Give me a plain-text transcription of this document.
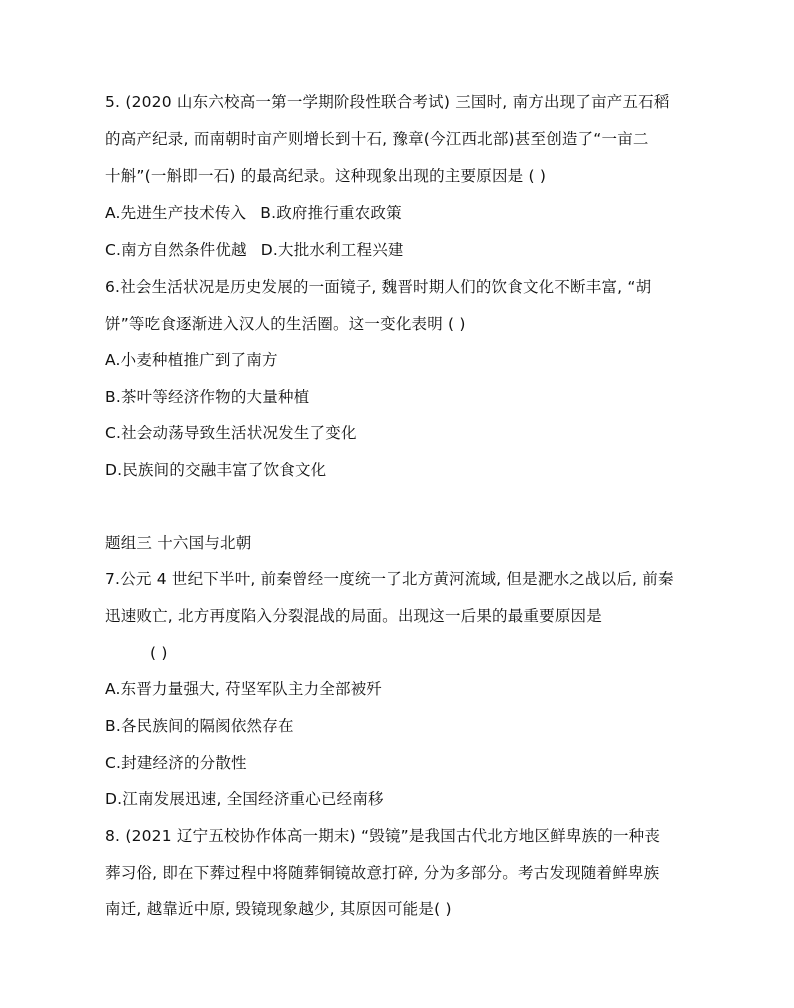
5. (2020 山东六校高一第一学期阶段性联合考试) 三国时, 南方出现了亩产五石稻
的高产纪录, 而南朝时亩产则增长到十石, 豫章(今江西北部)甚至创造了“一亩二
十斛”(一斛即一石) 的最高纪录。这种现象出现的主要原因是 ( )
A.先进生产技术传入 B.政府推行重农政策
C.南方自然条件优越 D.大批水利工程兴建
6.社会生活状况是历史发展的一面镜子, 魏晋时期人们的饮食文化不断丰富, “胡
饼”等吃食逐渐进入汉人的生活圈。这一变化表明 ( )
A.小麦种植推广到了南方
B.茶叶等经济作物的大量种植
C.社会动荡导致生活状况发生了变化
D.民族间的交融丰富了饮食文化
题组三 十六国与北朝
7.公元 4 世纪下半叶, 前秦曾经一度统一了北方黄河流域, 但是淝水之战以后, 前秦
迅速败亡, 北方再度陷入分裂混战的局面。出现这一后果的最重要原因是
( )
A.东晋力量强大, 苻坚军队主力全部被歼
B.各民族间的隔阂依然存在
C.封建经济的分散性
D.江南发展迅速, 全国经济重心已经南移
8. (2021 辽宁五校协作体高一期末) “毁镜”是我国古代北方地区鲜卑族的一种丧
葬习俗, 即在下葬过程中将随葬铜镜故意打碎, 分为多部分。考古发现随着鲜卑族
南迁, 越靠近中原, 毁镜现象越少, 其原因可能是( )
